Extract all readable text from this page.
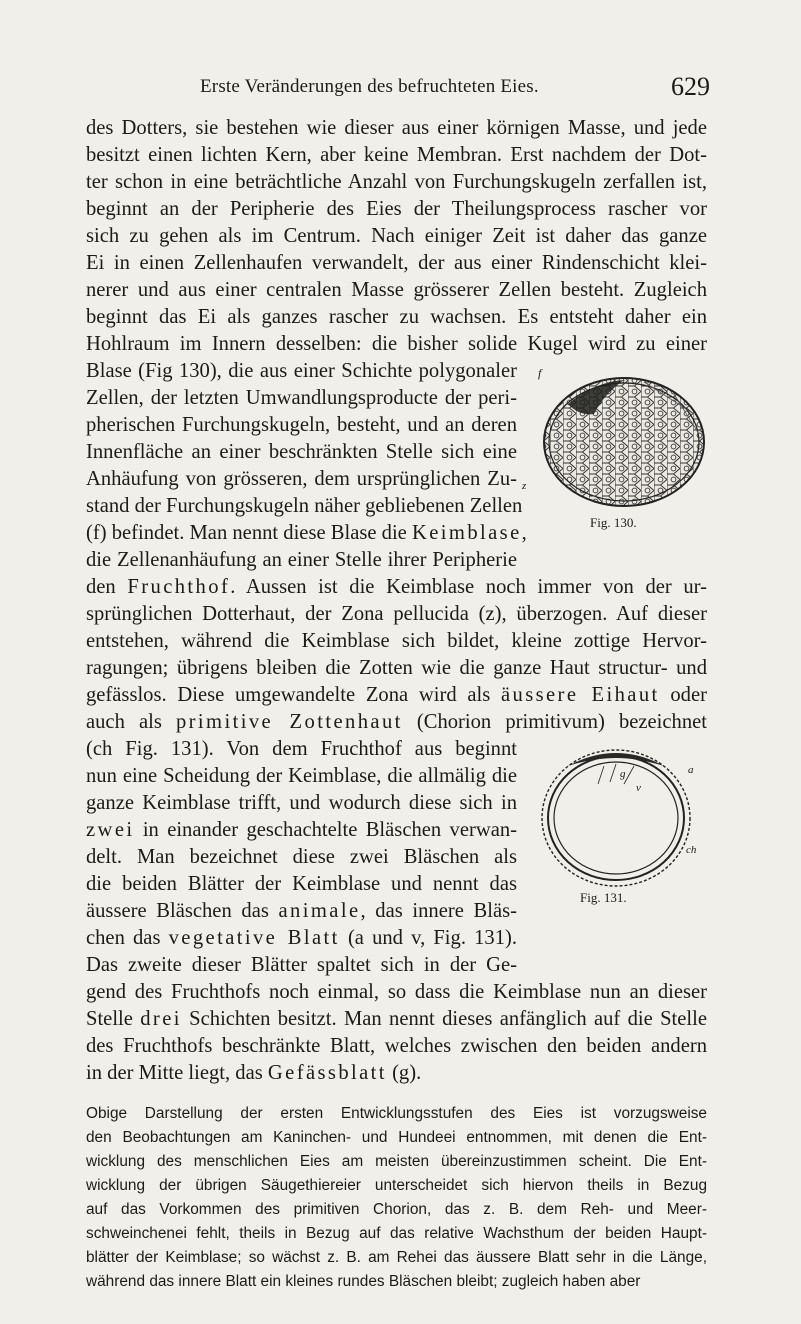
Erste Veränderungen des befruchteten Eies.	629
des Dotters, sie bestehen wie dieser aus einer körnigen Masse, und jede
besitzt einen lichten Kern, aber keine Membran. Erst nachdem der Dot-
ter schon in eine beträchtliche Anzahl von Furchungskugeln zerfallen ist,
beginnt an der Peripherie des Eies der Theilungsprocess rascher vor
sich zu gehen als im Centrum. Nach einiger Zeit ist daher das ganze
Ei in einen Zellenhaufen verwandelt, der aus einer Rindenschicht klei-
nerer und aus einer centralen Masse grösserer Zellen besteht. Zugleich
beginnt das Ei als ganzes rascher zu wachsen. Es entsteht daher ein
Hohlraum im Innern desselben: die bisher solide Kugel wird zu einer
Blase (Fig 130), die aus einer Schichte polygonaler
Zellen, der letzten Umwandlungsproducte der peri-
pherischen Furchungskugeln, besteht, und an deren
Innenfläche an einer beschränkten Stelle sich eine
Anhäufung von grösseren, dem ursprünglichen Zu-
stand der Furchungskugeln näher gebliebenen Zellen
(f) befindet. Man nennt diese Blase die Keimblase,
die Zellenanhäufung an einer Stelle ihrer Peripherie
den Fruchthof. Aussen ist die Keimblase noch immer von der ur-
sprünglichen Dotterhaut, der Zona pellucida (z), überzogen. Auf dieser
entstehen, während die Keimblase sich bildet, kleine zottige Hervor-
ragungen; übrigens bleiben die Zotten wie die ganze Haut structur- und
gefässlos. Diese umgewandelte Zona wird als äussere Eihaut oder
auch als primitive Zottenhaut (Chorion primitivum) bezeichnet
(ch Fig. 131). Von dem Fruchthof aus beginnt
nun eine Scheidung der Keimblase, die allmälig die
ganze Keimblase trifft, und wodurch diese sich in
zwei in einander geschachtelte Bläschen verwan-
delt. Man bezeichnet diese zwei Bläschen als
die beiden Blätter der Keimblase und nennt das
äussere Bläschen das animale, das innere Bläs-
chen das vegetative Blatt (a und v, Fig. 131).
Das zweite dieser Blätter spaltet sich in der Ge-
gend des Fruchthofs noch einmal, so dass die Keimblase nun an dieser
Stelle drei Schichten besitzt. Man nennt dieses anfänglich auf die Stelle
des Fruchthofs beschränkte Blatt, welches zwischen den beiden andern
in der Mitte liegt, das Gefässblatt (g).
Obige Darstellung der ersten Entwicklungsstufen des Eies ist vorzugsweise
den Beobachtungen am Kaninchen- und Hundeei entnommen, mit denen die Ent-
wicklung des menschlichen Eies am meisten übereinzustimmen scheint. Die Ent-
wicklung der übrigen Säugethiereier unterscheidet sich hiervon theils in Bezug
auf das Vorkommen des primitiven Chorion, das z. B. dem Reh- und Meer-
schweinchenei fehlt, theils in Bezug auf das relative Wachsthum der beiden Haupt-
blätter der Keimblase; so wächst z. B. am Rehei das äussere Blatt sehr in die Länge,
während das innere Blatt ein kleines rundes Bläschen bleibt; zugleich haben aber
f
z
Fig. 130.
a
g
v
ch
Fig. 131.
